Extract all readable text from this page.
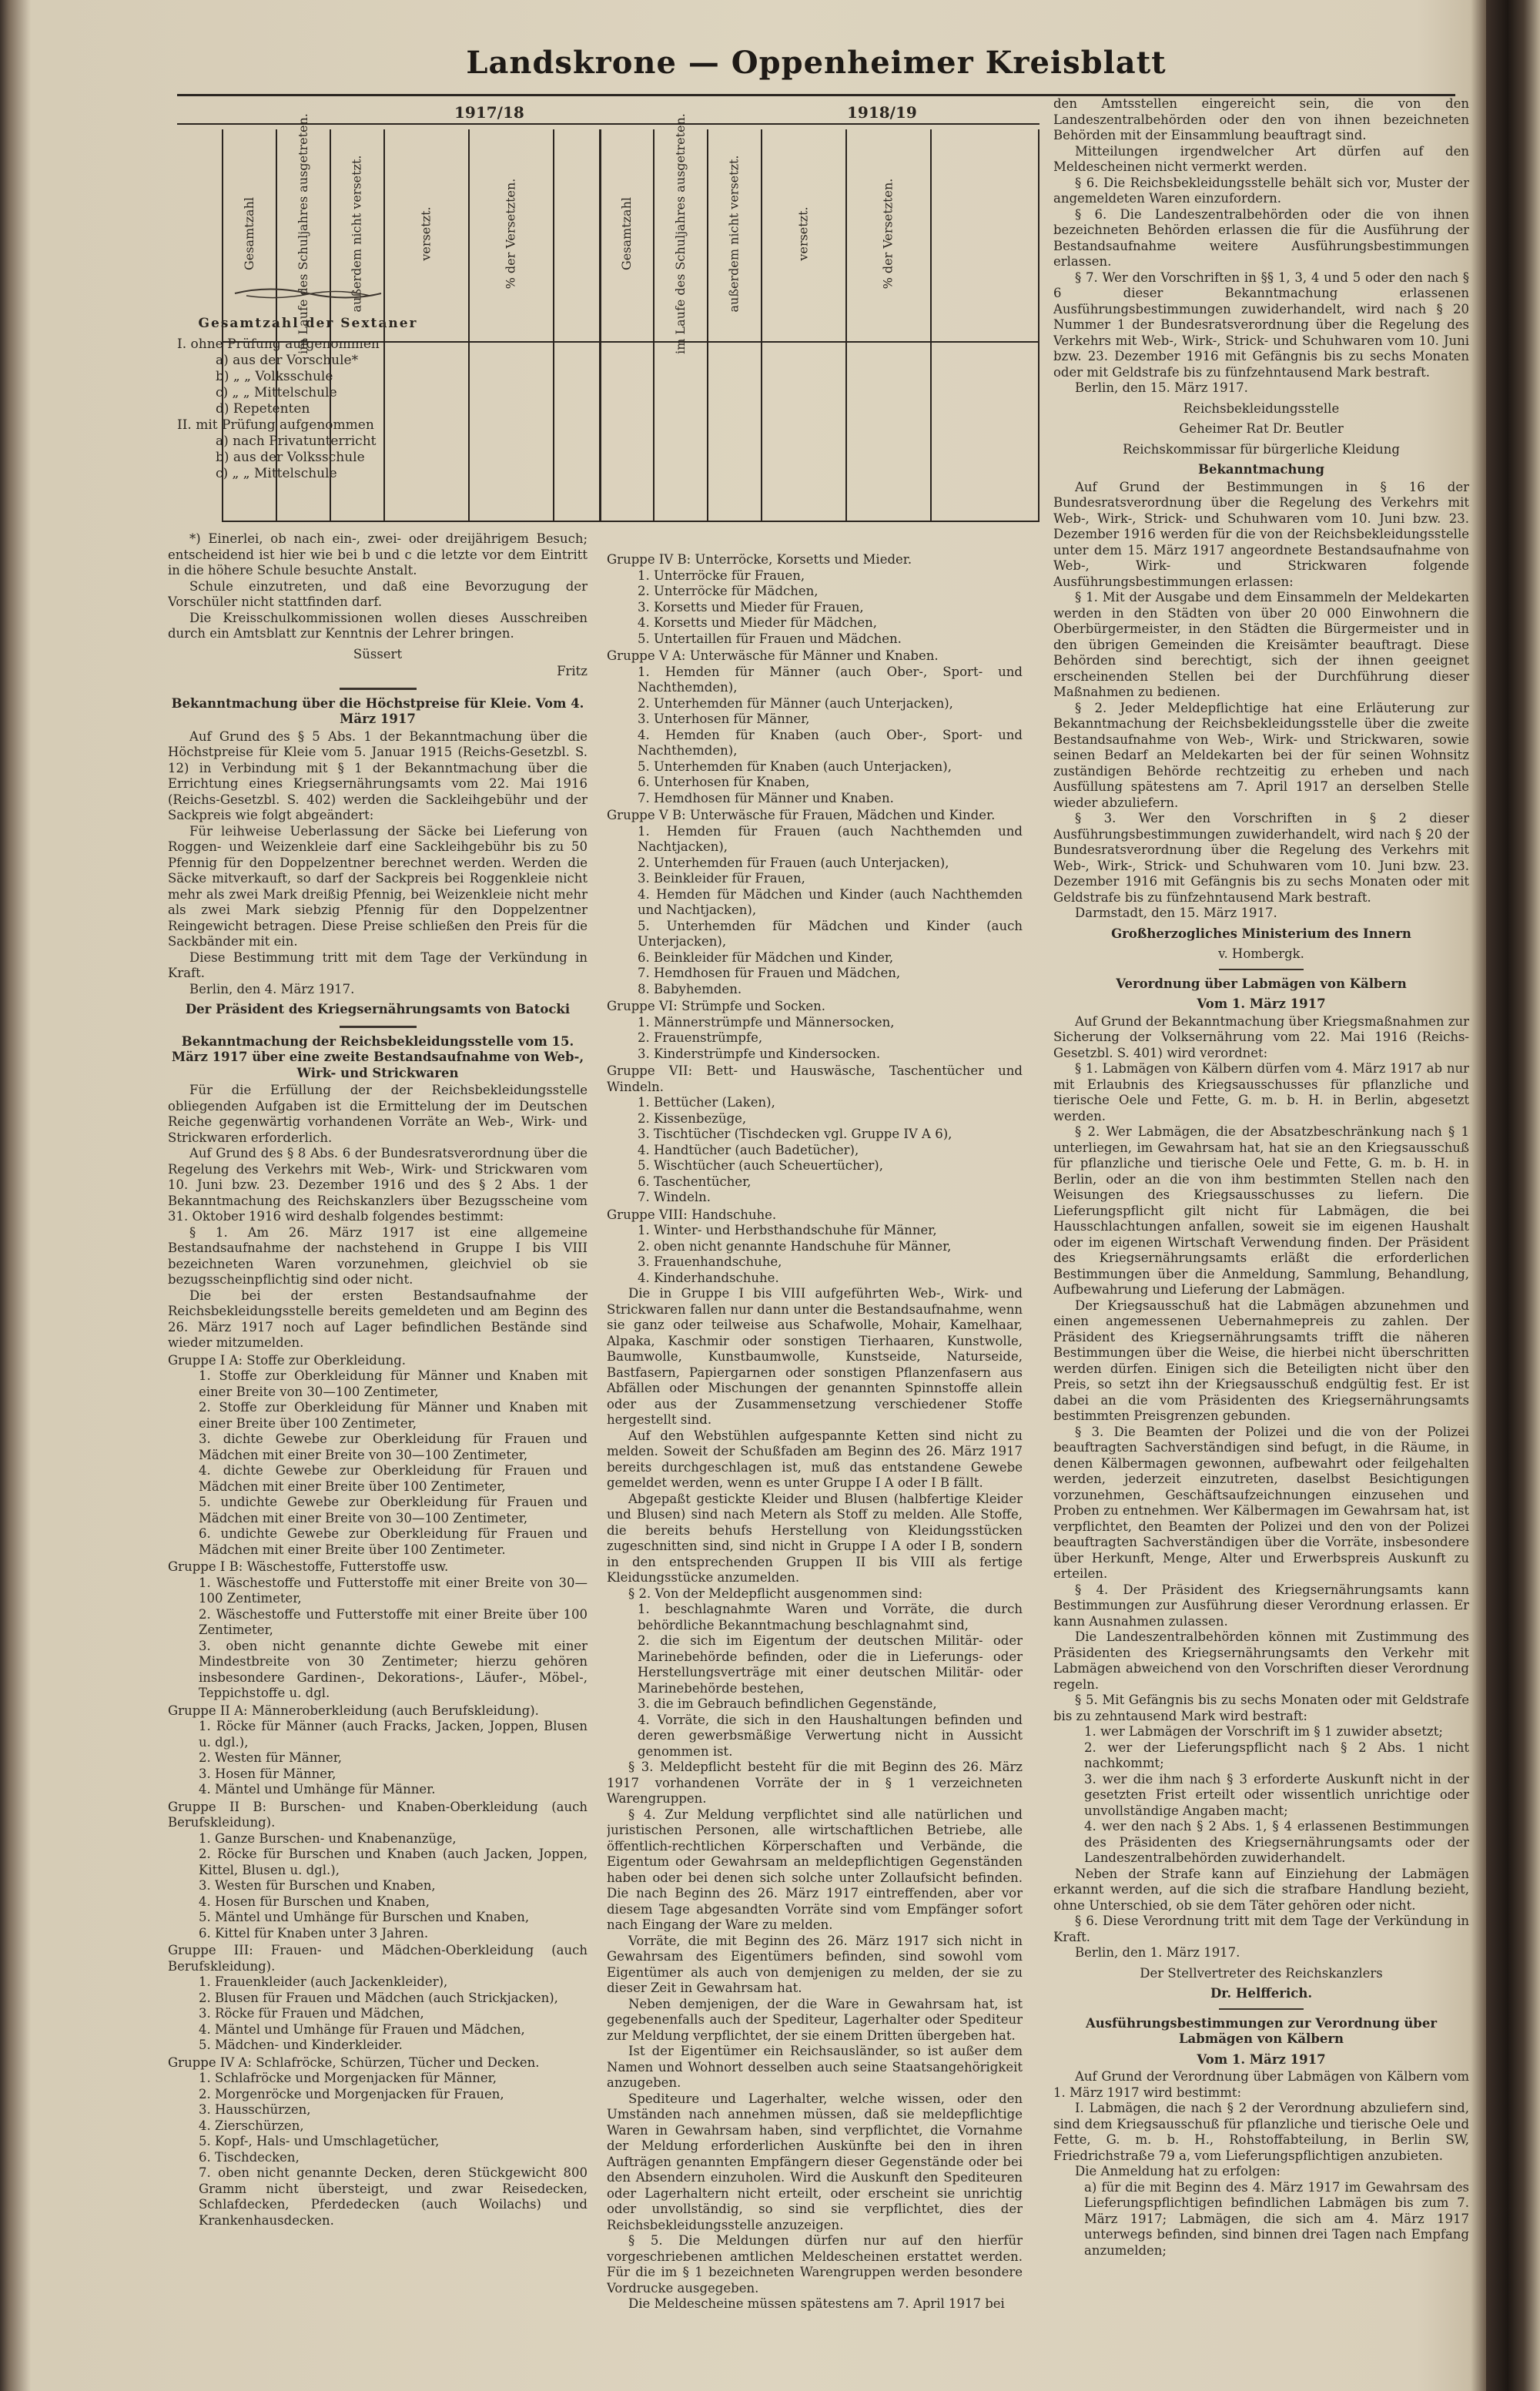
Landskrone — Oppenheimer Kreisblatt
1917/18	1918/19
Gesamtzahl	im Laufe des Schuljahres ausgetreten.	außerdem nicht versetzt.	versetzt.	% der Versetzten.	Gesamtzahl	im Laufe des Schuljahres ausgetreten.	außerdem nicht versetzt.	versetzt.	% der Versetzten.
Gesamtzahl der Sextaner
I. ohne Prüfung aufgenommen
a) aus der Vorschule*
b) „ „ Volksschule
c) „ „ Mittelschule
d) Repetenten
II. mit Prüfung aufgenommen
a) nach Privatunterricht
b) aus der Volksschule
c) „ „ Mittelschule

*) Einerlei, ob nach ein-, zwei- oder dreijährigem Besuch; entscheidend ist hier wie bei b und c die letzte vor dem Eintritt in die höhere Schule besuchte Anstalt.

Schule einzutreten, und daß eine Bevorzugung der Vorschüler nicht stattfinden darf.

Die Kreisschulkommissionen wollen dieses Ausschreiben durch ein Amtsblatt zur Kenntnis der Lehrer bringen.

Süssert

Fritz

Bekanntmachung über die Höchstpreise für Kleie. Vom 4. März 1917

Auf Grund des § 5 Abs. 1 der Bekanntmachung über die Höchstpreise für Kleie vom 5. Januar 1915 (Reichs-Gesetzbl. S. 12) in Verbindung mit § 1 der Bekanntmachung über die Errichtung eines Kriegsernährungsamts vom 22. Mai 1916 (Reichs-Gesetzbl. S. 402) werden die Sackleihgebühr und der Sackpreis wie folgt abgeändert:

Für leihweise Ueberlassung der Säcke bei Lieferung von Roggen- und Weizenkleie darf eine Sackleihgebühr bis zu 50 Pfennig für den Doppelzentner berechnet werden. Werden die Säcke mitverkauft, so darf der Sackpreis bei Roggenkleie nicht mehr als zwei Mark dreißig Pfennig, bei Weizenkleie nicht mehr als zwei Mark siebzig Pfennig für den Doppelzentner Reingewicht betragen. Diese Preise schließen den Preis für die Sackbänder mit ein.

Diese Bestimmung tritt mit dem Tage der Verkündung in Kraft.

Berlin, den 4. März 1917.

Der Präsident des Kriegsernährungsamts von Batocki

Bekanntmachung der Reichsbekleidungsstelle vom 15. März 1917 über eine zweite Bestandsaufnahme von Web-, Wirk- und Strickwaren

Für die Erfüllung der der Reichsbekleidungsstelle obliegenden Aufgaben ist die Ermittelung der im Deutschen Reiche gegenwärtig vorhandenen Vorräte an Web-, Wirk- und Strickwaren erforderlich.

Auf Grund des § 8 Abs. 6 der Bundesratsverordnung über die Regelung des Verkehrs mit Web-, Wirk- und Strickwaren vom 10. Juni bzw. 23. Dezember 1916 und des § 2 Abs. 1 der Bekanntmachung des Reichskanzlers über Bezugsscheine vom 31. Oktober 1916 wird deshalb folgendes bestimmt:

§ 1. Am 26. März 1917 ist eine allgemeine Bestandsaufnahme der nachstehend in Gruppe I bis VIII bezeichneten Waren vorzunehmen, gleichviel ob sie bezugsscheinpflichtig sind oder nicht.

Die bei der ersten Bestandsaufnahme der Reichsbekleidungsstelle bereits gemeldeten und am Beginn des 26. März 1917 noch auf Lager befindlichen Bestände sind wieder mitzumelden.

Gruppe I A: Stoffe zur Oberkleidung.

1. Stoffe zur Oberkleidung für Männer und Knaben mit einer Breite von 30—100 Zentimeter,

2. Stoffe zur Oberkleidung für Männer und Knaben mit einer Breite über 100 Zentimeter,

3. dichte Gewebe zur Oberkleidung für Frauen und Mädchen mit einer Breite von 30—100 Zentimeter,

4. dichte Gewebe zur Oberkleidung für Frauen und Mädchen mit einer Breite über 100 Zentimeter,

5. undichte Gewebe zur Oberkleidung für Frauen und Mädchen mit einer Breite von 30—100 Zentimeter,

6. undichte Gewebe zur Oberkleidung für Frauen und Mädchen mit einer Breite über 100 Zentimeter.

Gruppe I B: Wäschestoffe, Futterstoffe usw.

1. Wäschestoffe und Futterstoffe mit einer Breite von 30—100 Zentimeter,

2. Wäschestoffe und Futterstoffe mit einer Breite über 100 Zentimeter,

3. oben nicht genannte dichte Gewebe mit einer Mindestbreite von 30 Zentimeter; hierzu gehören insbesondere Gardinen-, Dekorations-, Läufer-, Möbel-, Teppichstoffe u. dgl.

Gruppe II A: Männeroberkleidung (auch Berufskleidung).

1. Röcke für Männer (auch Fracks, Jacken, Joppen, Blusen u. dgl.),

2. Westen für Männer,

3. Hosen für Männer,

4. Mäntel und Umhänge für Männer.

Gruppe II B: Burschen- und Knaben-Oberkleidung (auch Berufskleidung).

1. Ganze Burschen- und Knabenanzüge,

2. Röcke für Burschen und Knaben (auch Jacken, Joppen, Kittel, Blusen u. dgl.),

3. Westen für Burschen und Knaben,

4. Hosen für Burschen und Knaben,

5. Mäntel und Umhänge für Burschen und Knaben,

6. Kittel für Knaben unter 3 Jahren.

Gruppe III: Frauen- und Mädchen-Oberkleidung (auch Berufskleidung).

1. Frauenkleider (auch Jackenkleider),

2. Blusen für Frauen und Mädchen (auch Strickjacken),

3. Röcke für Frauen und Mädchen,

4. Mäntel und Umhänge für Frauen und Mädchen,

5. Mädchen- und Kinderkleider.

Gruppe IV A: Schlafröcke, Schürzen, Tücher und Decken.

1. Schlafröcke und Morgenjacken für Männer,

2. Morgenröcke und Morgenjacken für Frauen,

3. Hausschürzen,

4. Zierschürzen,

5. Kopf-, Hals- und Umschlagetücher,

6. Tischdecken,

7. oben nicht genannte Decken, deren Stückgewicht 800 Gramm nicht übersteigt, und zwar Reisedecken, Schlafdecken, Pferdedecken (auch Woilachs) und Krankenhausdecken.

Gruppe IV B: Unterröcke, Korsetts und Mieder.

1. Unterröcke für Frauen,

2. Unterröcke für Mädchen,

3. Korsetts und Mieder für Frauen,

4. Korsetts und Mieder für Mädchen,

5. Untertaillen für Frauen und Mädchen.

Gruppe V A: Unterwäsche für Männer und Knaben.

1. Hemden für Männer (auch Ober-, Sport- und Nachthemden),

2. Unterhemden für Männer (auch Unterjacken),

3. Unterhosen für Männer,

4. Hemden für Knaben (auch Ober-, Sport- und Nachthemden),

5. Unterhemden für Knaben (auch Unterjacken),

6. Unterhosen für Knaben,

7. Hemdhosen für Männer und Knaben.

Gruppe V B: Unterwäsche für Frauen, Mädchen und Kinder.

1. Hemden für Frauen (auch Nachthemden und Nachtjacken),

2. Unterhemden für Frauen (auch Unterjacken),

3. Beinkleider für Frauen,

4. Hemden für Mädchen und Kinder (auch Nachthemden und Nachtjacken),

5. Unterhemden für Mädchen und Kinder (auch Unterjacken),

6. Beinkleider für Mädchen und Kinder,

7. Hemdhosen für Frauen und Mädchen,

8. Babyhemden.

Gruppe VI: Strümpfe und Socken.

1. Männerstrümpfe und Männersocken,

2. Frauenstrümpfe,

3. Kinderstrümpfe und Kindersocken.

Gruppe VII: Bett- und Hauswäsche, Taschentücher und Windeln.

1. Bettücher (Laken),

2. Kissenbezüge,

3. Tischtücher (Tischdecken vgl. Gruppe IV A 6),

4. Handtücher (auch Badetücher),

5. Wischtücher (auch Scheuertücher),

6. Taschentücher,

7. Windeln.

Gruppe VIII: Handschuhe.

1. Winter- und Herbsthandschuhe für Männer,

2. oben nicht genannte Handschuhe für Männer,

3. Frauenhandschuhe,

4. Kinderhandschuhe.

Die in Gruppe I bis VIII aufgeführten Web-, Wirk- und Strickwaren fallen nur dann unter die Bestandsaufnahme, wenn sie ganz oder teilweise aus Schafwolle, Mohair, Kamelhaar, Alpaka, Kaschmir oder sonstigen Tierhaaren, Kunstwolle, Baumwolle, Kunstbaumwolle, Kunstseide, Naturseide, Bastfasern, Papiergarnen oder sonstigen Pflanzenfasern aus Abfällen oder Mischungen der genannten Spinnstoffe allein oder aus der Zusammensetzung verschiedener Stoffe hergestellt sind.

Auf den Webstühlen aufgespannte Ketten sind nicht zu melden. Soweit der Schußfaden am Beginn des 26. März 1917 bereits durchgeschlagen ist, muß das entstandene Gewebe gemeldet werden, wenn es unter Gruppe I A oder I B fällt.

Abgepaßt gestickte Kleider und Blusen (halbfertige Kleider und Blusen) sind nach Metern als Stoff zu melden. Alle Stoffe, die bereits behufs Herstellung von Kleidungsstücken zugeschnitten sind, sind nicht in Gruppe I A oder I B, sondern in den entsprechenden Gruppen II bis VIII als fertige Kleidungsstücke anzumelden.

§ 2. Von der Meldepflicht ausgenommen sind:

1. beschlagnahmte Waren und Vorräte, die durch behördliche Bekanntmachung beschlagnahmt sind,

2. die sich im Eigentum der deutschen Militär- oder Marinebehörde befinden, oder die in Lieferungs- oder Herstellungsverträge mit einer deutschen Militär- oder Marinebehörde bestehen,

3. die im Gebrauch befindlichen Gegenstände,

4. Vorräte, die sich in den Haushaltungen befinden und deren gewerbsmäßige Verwertung nicht in Aussicht genommen ist.

§ 3. Meldepflicht besteht für die mit Beginn des 26. März 1917 vorhandenen Vorräte der in § 1 verzeichneten Warengruppen.

§ 4. Zur Meldung verpflichtet sind alle natürlichen und juristischen Personen, alle wirtschaftlichen Betriebe, alle öffentlich-rechtlichen Körperschaften und Verbände, die Eigentum oder Gewahrsam an meldepflichtigen Gegenständen haben oder bei denen sich solche unter Zollaufsicht befinden. Die nach Beginn des 26. März 1917 eintreffenden, aber vor diesem Tage abgesandten Vorräte sind vom Empfänger sofort nach Eingang der Ware zu melden.

Vorräte, die mit Beginn des 26. März 1917 sich nicht in Gewahrsam des Eigentümers befinden, sind sowohl vom Eigentümer als auch von demjenigen zu melden, der sie zu dieser Zeit in Gewahrsam hat.

Neben demjenigen, der die Ware in Gewahrsam hat, ist gegebenenfalls auch der Spediteur, Lagerhalter oder Spediteur zur Meldung verpflichtet, der sie einem Dritten übergeben hat.

Ist der Eigentümer ein Reichsausländer, so ist außer dem Namen und Wohnort desselben auch seine Staatsangehörigkeit anzugeben.

Spediteure und Lagerhalter, welche wissen, oder den Umständen nach annehmen müssen, daß sie meldepflichtige Waren in Gewahrsam haben, sind verpflichtet, die Vornahme der Meldung erforderlichen Auskünfte bei den in ihren Aufträgen genannten Empfängern dieser Gegenstände oder bei den Absendern einzuholen. Wird die Auskunft den Spediteuren oder Lagerhaltern nicht erteilt, oder erscheint sie unrichtig oder unvollständig, so sind sie verpflichtet, dies der Reichsbekleidungsstelle anzuzeigen.

§ 5. Die Meldungen dürfen nur auf den hierfür vorgeschriebenen amtlichen Meldescheinen erstattet werden. Für die im § 1 bezeichneten Warengruppen werden besondere Vordrucke ausgegeben.

Die Meldescheine müssen spätestens am 7. April 1917 bei

den Amtsstellen eingereicht sein, die von den Landeszentralbehörden oder den von ihnen bezeichneten Behörden mit der Einsammlung beauftragt sind.

Mitteilungen irgendwelcher Art dürfen auf den Meldescheinen nicht vermerkt werden.

§ 6. Die Reichsbekleidungsstelle behält sich vor, Muster der angemeldeten Waren einzufordern.

§ 6. Die Landeszentralbehörden oder die von ihnen bezeichneten Behörden erlassen die für die Ausführung der Bestandsaufnahme weitere Ausführungsbestimmungen erlassen.

§ 7. Wer den Vorschriften in §§ 1, 3, 4 und 5 oder den nach § 6 dieser Bekanntmachung erlassenen Ausführungsbestimmungen zuwiderhandelt, wird nach § 20 Nummer 1 der Bundesratsverordnung über die Regelung des Verkehrs mit Web-, Wirk-, Strick- und Schuhwaren vom 10. Juni bzw. 23. Dezember 1916 mit Gefängnis bis zu sechs Monaten oder mit Geldstrafe bis zu fünfzehntausend Mark bestraft.

Berlin, den 15. März 1917.

Reichsbekleidungsstelle

Geheimer Rat Dr. Beutler

Reichskommissar für bürgerliche Kleidung

Bekanntmachung

Auf Grund der Bestimmungen in § 16 der Bundesratsverordnung über die Regelung des Verkehrs mit Web-, Wirk-, Strick- und Schuhwaren vom 10. Juni bzw. 23. Dezember 1916 werden für die von der Reichsbekleidungsstelle unter dem 15. März 1917 angeordnete Bestandsaufnahme von Web-, Wirk- und Strickwaren folgende Ausführungsbestimmungen erlassen:

§ 1. Mit der Ausgabe und dem Einsammeln der Meldekarten werden in den Städten von über 20 000 Einwohnern die Oberbürgermeister, in den Städten die Bürgermeister und in den übrigen Gemeinden die Kreisämter beauftragt. Diese Behörden sind berechtigt, sich der ihnen geeignet erscheinenden Stellen bei der Durchführung dieser Maßnahmen zu bedienen.

§ 2. Jeder Meldepflichtige hat eine Erläuterung zur Bekanntmachung der Reichsbekleidungsstelle über die zweite Bestandsaufnahme von Web-, Wirk- und Strickwaren, sowie seinen Bedarf an Meldekarten bei der für seinen Wohnsitz zuständigen Behörde rechtzeitig zu erheben und nach Ausfüllung spätestens am 7. April 1917 an derselben Stelle wieder abzuliefern.

§ 3. Wer den Vorschriften in § 2 dieser Ausführungsbestimmungen zuwiderhandelt, wird nach § 20 der Bundesratsverordnung über die Regelung des Verkehrs mit Web-, Wirk-, Strick- und Schuhwaren vom 10. Juni bzw. 23. Dezember 1916 mit Gefängnis bis zu sechs Monaten oder mit Geldstrafe bis zu fünfzehntausend Mark bestraft.

Darmstadt, den 15. März 1917.

Großherzogliches Ministerium des Innern

v. Hombergk.

Verordnung über Labmägen von Kälbern

Vom 1. März 1917

Auf Grund der Bekanntmachung über Kriegsmaßnahmen zur Sicherung der Volksernährung vom 22. Mai 1916 (Reichs-Gesetzbl. S. 401) wird verordnet:

§ 1. Labmägen von Kälbern dürfen vom 4. März 1917 ab nur mit Erlaubnis des Kriegsausschusses für pflanzliche und tierische Oele und Fette, G. m. b. H. in Berlin, abgesetzt werden.

§ 2. Wer Labmägen, die der Absatzbeschränkung nach § 1 unterliegen, im Gewahrsam hat, hat sie an den Kriegsausschuß für pflanzliche und tierische Oele und Fette, G. m. b. H. in Berlin, oder an die von ihm bestimmten Stellen nach den Weisungen des Kriegsausschusses zu liefern. Die Lieferungspflicht gilt nicht für Labmägen, die bei Hausschlachtungen anfallen, soweit sie im eigenen Haushalt oder im eigenen Wirtschaft Verwendung finden. Der Präsident des Kriegsernährungsamts erläßt die erforderlichen Bestimmungen über die Anmeldung, Sammlung, Behandlung, Aufbewahrung und Lieferung der Labmägen.

Der Kriegsausschuß hat die Labmägen abzunehmen und einen angemessenen Uebernahmepreis zu zahlen. Der Präsident des Kriegsernährungsamts trifft die näheren Bestimmungen über die Weise, die hierbei nicht überschritten werden dürfen. Einigen sich die Beteiligten nicht über den Preis, so setzt ihn der Kriegsausschuß endgültig fest. Er ist dabei an die vom Präsidenten des Kriegsernährungsamts bestimmten Preisgrenzen gebunden.

§ 3. Die Beamten der Polizei und die von der Polizei beauftragten Sachverständigen sind befugt, in die Räume, in denen Kälbermagen gewonnen, aufbewahrt oder feilgehalten werden, jederzeit einzutreten, daselbst Besichtigungen vorzunehmen, Geschäftsaufzeichnungen einzusehen und Proben zu entnehmen. Wer Kälbermagen im Gewahrsam hat, ist verpflichtet, den Beamten der Polizei und den von der Polizei beauftragten Sachverständigen über die Vorräte, insbesondere über Herkunft, Menge, Alter und Erwerbspreis Auskunft zu erteilen.

§ 4. Der Präsident des Kriegsernährungsamts kann Bestimmungen zur Ausführung dieser Verordnung erlassen. Er kann Ausnahmen zulassen.

Die Landeszentralbehörden können mit Zustimmung des Präsidenten des Kriegsernährungsamts den Verkehr mit Labmägen abweichend von den Vorschriften dieser Verordnung regeln.

§ 5. Mit Gefängnis bis zu sechs Monaten oder mit Geldstrafe bis zu zehntausend Mark wird bestraft:

1. wer Labmägen der Vorschrift im § 1 zuwider absetzt;

2. wer der Lieferungspflicht nach § 2 Abs. 1 nicht nachkommt;

3. wer die ihm nach § 3 erforderte Auskunft nicht in der gesetzten Frist erteilt oder wissentlich unrichtige oder unvollständige Angaben macht;

4. wer den nach § 2 Abs. 1, § 4 erlassenen Bestimmungen des Präsidenten des Kriegsernährungsamts oder der Landeszentralbehörden zuwiderhandelt.

Neben der Strafe kann auf Einziehung der Labmägen erkannt werden, auf die sich die strafbare Handlung bezieht, ohne Unterschied, ob sie dem Täter gehören oder nicht.

§ 6. Diese Verordnung tritt mit dem Tage der Verkündung in Kraft.

Berlin, den 1. März 1917.

Der Stellvertreter des Reichskanzlers

Dr. Helfferich.

Ausführungsbestimmungen zur Verordnung über Labmägen von Kälbern

Vom 1. März 1917

Auf Grund der Verordnung über Labmägen von Kälbern vom 1. März 1917 wird bestimmt:

I. Labmägen, die nach § 2 der Verordnung abzuliefern sind, sind dem Kriegsausschuß für pflanzliche und tierische Oele und Fette, G. m. b. H., Rohstoffabteilung, in Berlin SW, Friedrichstraße 79 a, vom Lieferungspflichtigen anzubieten.

Die Anmeldung hat zu erfolgen:

a) für die mit Beginn des 4. März 1917 im Gewahrsam des Lieferungspflichtigen befindlichen Labmägen bis zum 7. März 1917; Labmägen, die sich am 4. März 1917 unterwegs befinden, sind binnen drei Tagen nach Empfang anzumelden;
